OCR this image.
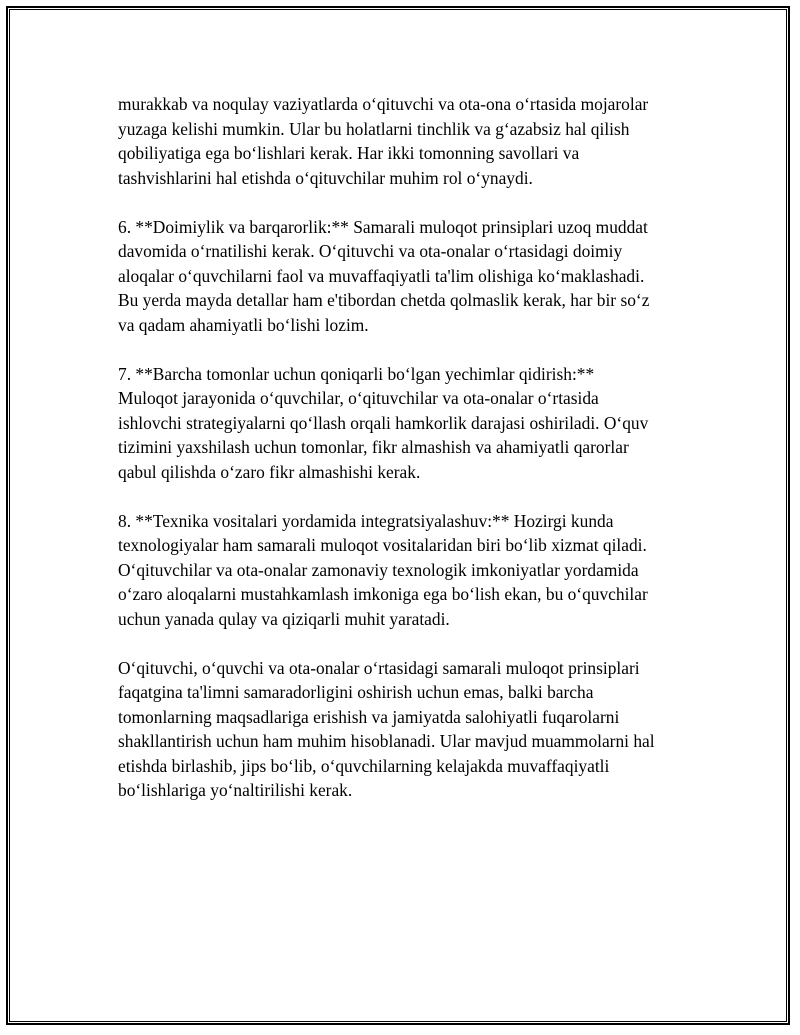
murakkab va noqulay vaziyatlarda o‘qituvchi va ota-ona o‘rtasida mojarolar
yuzaga kelishi mumkin. Ular bu holatlarni tinchlik va g‘azabsiz hal qilish
qobiliyatiga ega bo‘lishlari kerak. Har ikki tomonning savollari va
tashvishlarini hal etishda o‘qituvchilar muhim rol o‘ynaydi.

6. **Doimiylik va barqarorlik:** Samarali muloqot prinsiplari uzoq muddat
davomida o‘rnatilishi kerak. O‘qituvchi va ota-onalar o‘rtasidagi doimiy
aloqalar o‘quvchilarni faol va muvaffaqiyatli ta'lim olishiga ko‘maklashadi.
Bu yerda mayda detallar ham e'tibordan chetda qolmaslik kerak, har bir so‘z
va qadam ahamiyatli bo‘lishi lozim.

7. **Barcha tomonlar uchun qoniqarli bo‘lgan yechimlar qidirish:**
Muloqot jarayonida o‘quvchilar, o‘qituvchilar va ota-onalar o‘rtasida
ishlovchi strategiyalarni qo‘llash orqali hamkorlik darajasi oshiriladi. O‘quv
tizimini yaxshilash uchun tomonlar, fikr almashish va ahamiyatli qarorlar
qabul qilishda o‘zaro fikr almashishi kerak.

8. **Texnika vositalari yordamida integratsiyalashuv:** Hozirgi kunda
texnologiyalar ham samarali muloqot vositalaridan biri bo‘lib xizmat qiladi.
O‘qituvchilar va ota-onalar zamonaviy texnologik imkoniyatlar yordamida
o‘zaro aloqalarni mustahkamlash imkoniga ega bo‘lish ekan, bu o‘quvchilar
uchun yanada qulay va qiziqarli muhit yaratadi.

O‘qituvchi, o‘quvchi va ota-onalar o‘rtasidagi samarali muloqot prinsiplari
faqatgina ta'limni samaradorligini oshirish uchun emas, balki barcha
tomonlarning maqsadlariga erishish va jamiyatda salohiyatli fuqarolarni
shakllantirish uchun ham muhim hisoblanadi. Ular mavjud muammolarni hal
etishda birlashib, jips bo‘lib, o‘quvchilarning kelajakda muvaffaqiyatli
bo‘lishlariga yo‘naltirilishi kerak.
